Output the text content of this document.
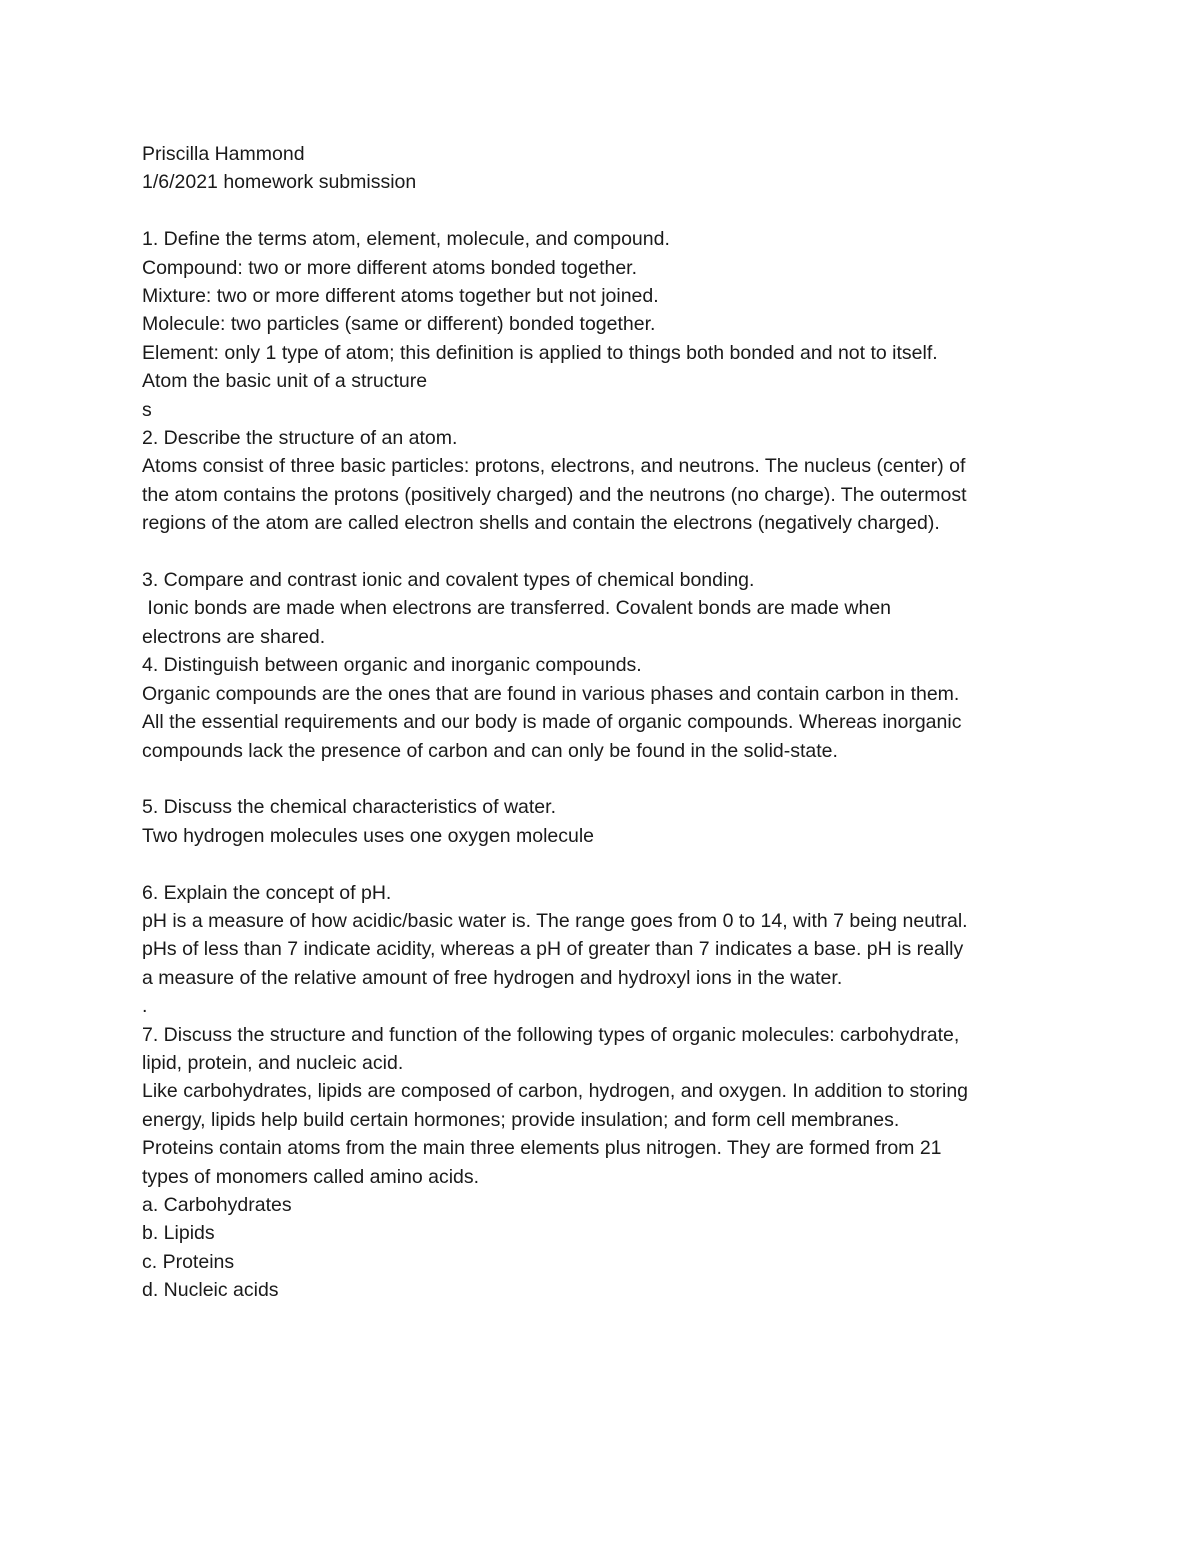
Priscilla Hammond
1/6/2021 homework submission
1. Define the terms atom, element, molecule, and compound.
Compound: two or more different atoms bonded together.
Mixture: two or more different atoms together but not joined.
Molecule: two particles (same or different) bonded together.
Element: only 1 type of atom; this definition is applied to things both bonded and not to itself.
Atom the basic unit of a structure
s
2. Describe the structure of an atom.
Atoms consist of three basic particles: protons, electrons, and neutrons. The nucleus (center) of
the atom contains the protons (positively charged) and the neutrons (no charge). The outermost
regions of the atom are called electron shells and contain the electrons (negatively charged).
3. Compare and contrast ionic and covalent types of chemical bonding.
Ionic bonds are made when electrons are transferred. Covalent bonds are made when
electrons are shared.
4. Distinguish between organic and inorganic compounds.
Organic compounds are the ones that are found in various phases and contain carbon in them.
All the essential requirements and our body is made of organic compounds. Whereas inorganic
compounds lack the presence of carbon and can only be found in the solid-state.
5. Discuss the chemical characteristics of water.
Two hydrogen molecules uses one oxygen molecule
6. Explain the concept of pH.
pH is a measure of how acidic/basic water is. The range goes from 0 to 14, with 7 being neutral.
pHs of less than 7 indicate acidity, whereas a pH of greater than 7 indicates a base. pH is really
a measure of the relative amount of free hydrogen and hydroxyl ions in the water.
.
7. Discuss the structure and function of the following types of organic molecules: carbohydrate,
lipid, protein, and nucleic acid.
Like carbohydrates, lipids are composed of carbon, hydrogen, and oxygen. In addition to storing
energy, lipids help build certain hormones; provide insulation; and form cell membranes.
Proteins contain atoms from the main three elements plus nitrogen. They are formed from 21
types of monomers called amino acids.
a. Carbohydrates
b. Lipids
c. Proteins
d. Nucleic acids
